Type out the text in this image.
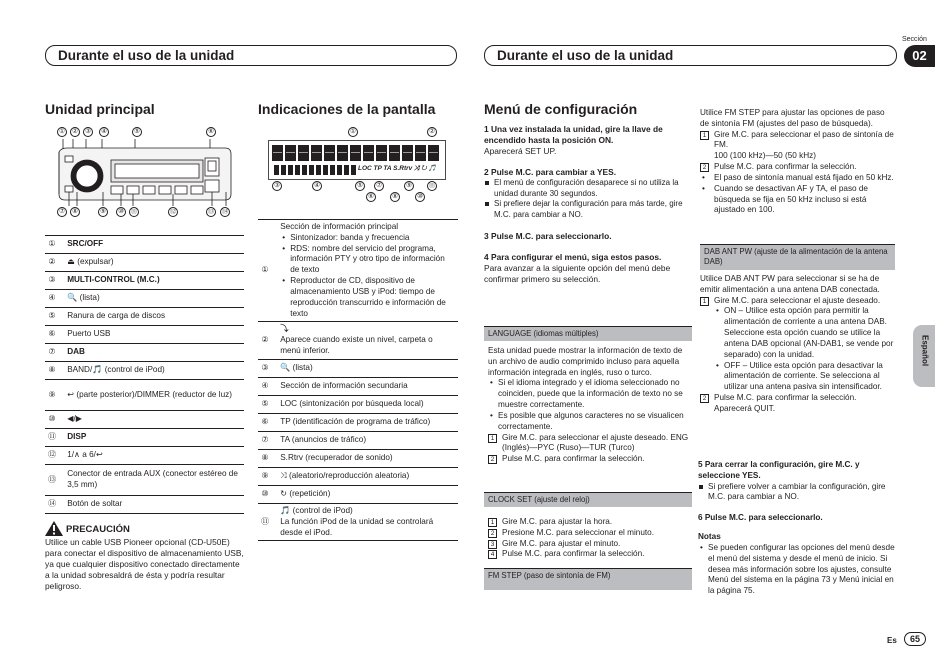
Sección
02
Durante el uso de la unidad	Durante el uso de la unidad
Español
Unidad principal
①	②	③	④	⑤	⑥
⑦	⑧	⑨	⑩	⑪	⑫	⑬ ⑭
①	SRC/OFF
②	⏏ (expulsar)
③	MULTI-CONTROL (M.C.)
④	🔍 (lista)
⑤	Ranura de carga de discos
⑥	Puerto USB
⑦	DAB
⑧	BAND/🎵 (control de iPod)
⑨	↩ (parte posterior)/DIMMER (reductor de luz)
⑩	◀/▶
⑪	DISP
⑫	1/∧ a 6/↩
⑬	Conector de entrada AUX (conector estéreo de 3,5 mm)
⑭	Botón de soltar
PRECAUCIÓN
Utilice un cable USB Pioneer opcional (CD-U50E) para conectar el dispositivo de almacenamiento USB, ya que cualquier dispositivo conectado directamente a la unidad sobresaldrá de ésta y podría resultar peligroso.
Indicaciones de la pantalla
①	②
LOC TP TA S.Rtrv ⤨ ↻ 🎵
③	④	⑤	⑦	⑨	⑪
⑥	⑧	⑩
①	Sección de información principal
• Sintonizador: banda y frecuencia
• RDS: nombre del servicio del programa, información PTY y otro tipo de información de texto
• Reproductor de CD, dispositivo de almacenamiento USB y iPod: tiempo de reproducción transcurrido e información de texto

②	⤵
Aparece cuando existe un nivel, carpeta o menú inferior.

③	🔍 (lista)
④	Sección de información secundaria
⑤	LOC (sintonización por búsqueda local)
⑥	TP (identificación de programa de tráfico)
⑦	TA (anuncios de tráfico)
⑧	S.Rtrv (recuperador de sonido)
⑨	⤨ (aleatorio/reproducción aleatoria)
⑩	↻ (repetición)
⑪	🎵 (control de iPod)
La función iPod de la unidad se controlará desde el iPod.
Menú de configuración
1 Una vez instalada la unidad, gire la llave de encendido hasta la posición ON.
Aparecerá SET UP.
2 Pulse M.C. para cambiar a YES.
El menú de configuración desaparece si no utiliza la unidad durante 30 segundos.
Si prefiere dejar la configuración para más tarde, gire M.C. para cambiar a NO.
3 Pulse M.C. para seleccionarlo.
4 Para configurar el menú, siga estos pasos.
Para avanzar a la siguiente opción del menú debe confirmar primero su selección.
LANGUAGE (idiomas múltiples)
Esta unidad puede mostrar la información de texto de un archivo de audio comprimido incluso para aquella información integrada en inglés, ruso o turco.
• Si el idioma integrado y el idioma seleccionado no coinciden, puede que la información de texto no se muestre correctamente.
• Es posible que algunos caracteres no se visualicen correctamente.
1 Gire M.C. para seleccionar el ajuste deseado. ENG (Inglés)—PYC (Ruso)—TUR (Turco)
2 Pulse M.C. para confirmar la selección.
CLOCK SET (ajuste del reloj)
1 Gire M.C. para ajustar la hora.
2 Presione M.C. para seleccionar el minuto.
3 Gire M.C. para ajustar el minuto.
4 Pulse M.C. para confirmar la selección.
FM STEP (paso de sintonía de FM)
Utilice FM STEP para ajustar las opciones de paso de sintonía FM (ajustes del paso de búsqueda).
1 Gire M.C. para seleccionar el paso de sintonía de FM.
100 (100 kHz)—50 (50 kHz)
2 Pulse M.C. para confirmar la selección.
• El paso de sintonía manual está fijado en 50 kHz.
• Cuando se desactivan AF y TA, el paso de búsqueda se fija en 50 kHz incluso si está ajustado en 100.
DAB ANT PW (ajuste de la alimentación de la antena DAB)
Utilice DAB ANT PW para seleccionar si se ha de emitir alimentación a una antena DAB conectada.
1 Gire M.C. para seleccionar el ajuste deseado.
• ON – Utilice esta opción para permitir la alimentación de corriente a una antena DAB. Seleccione esta opción cuando se utilice la antena DAB opcional (AN-DAB1, se vende por separado) con la unidad.
• OFF – Utilice esta opción para desactivar la alimentación de corriente. Se selecciona al utilizar una antena pasiva sin intensificador.
2 Pulse M.C. para confirmar la selección. Aparecerá QUIT.
5 Para cerrar la configuración, gire M.C. y seleccione YES.
Si prefiere volver a cambiar la configuración, gire M.C. para cambiar a NO.
6 Pulse M.C. para seleccionarlo.
Notas
• Se pueden configurar las opciones del menú desde el menú del sistema y desde el menú de inicio. Si desea más información sobre los ajustes, consulte Menú del sistema en la página 73 y Menú inicial en la página 75.
Es	65
